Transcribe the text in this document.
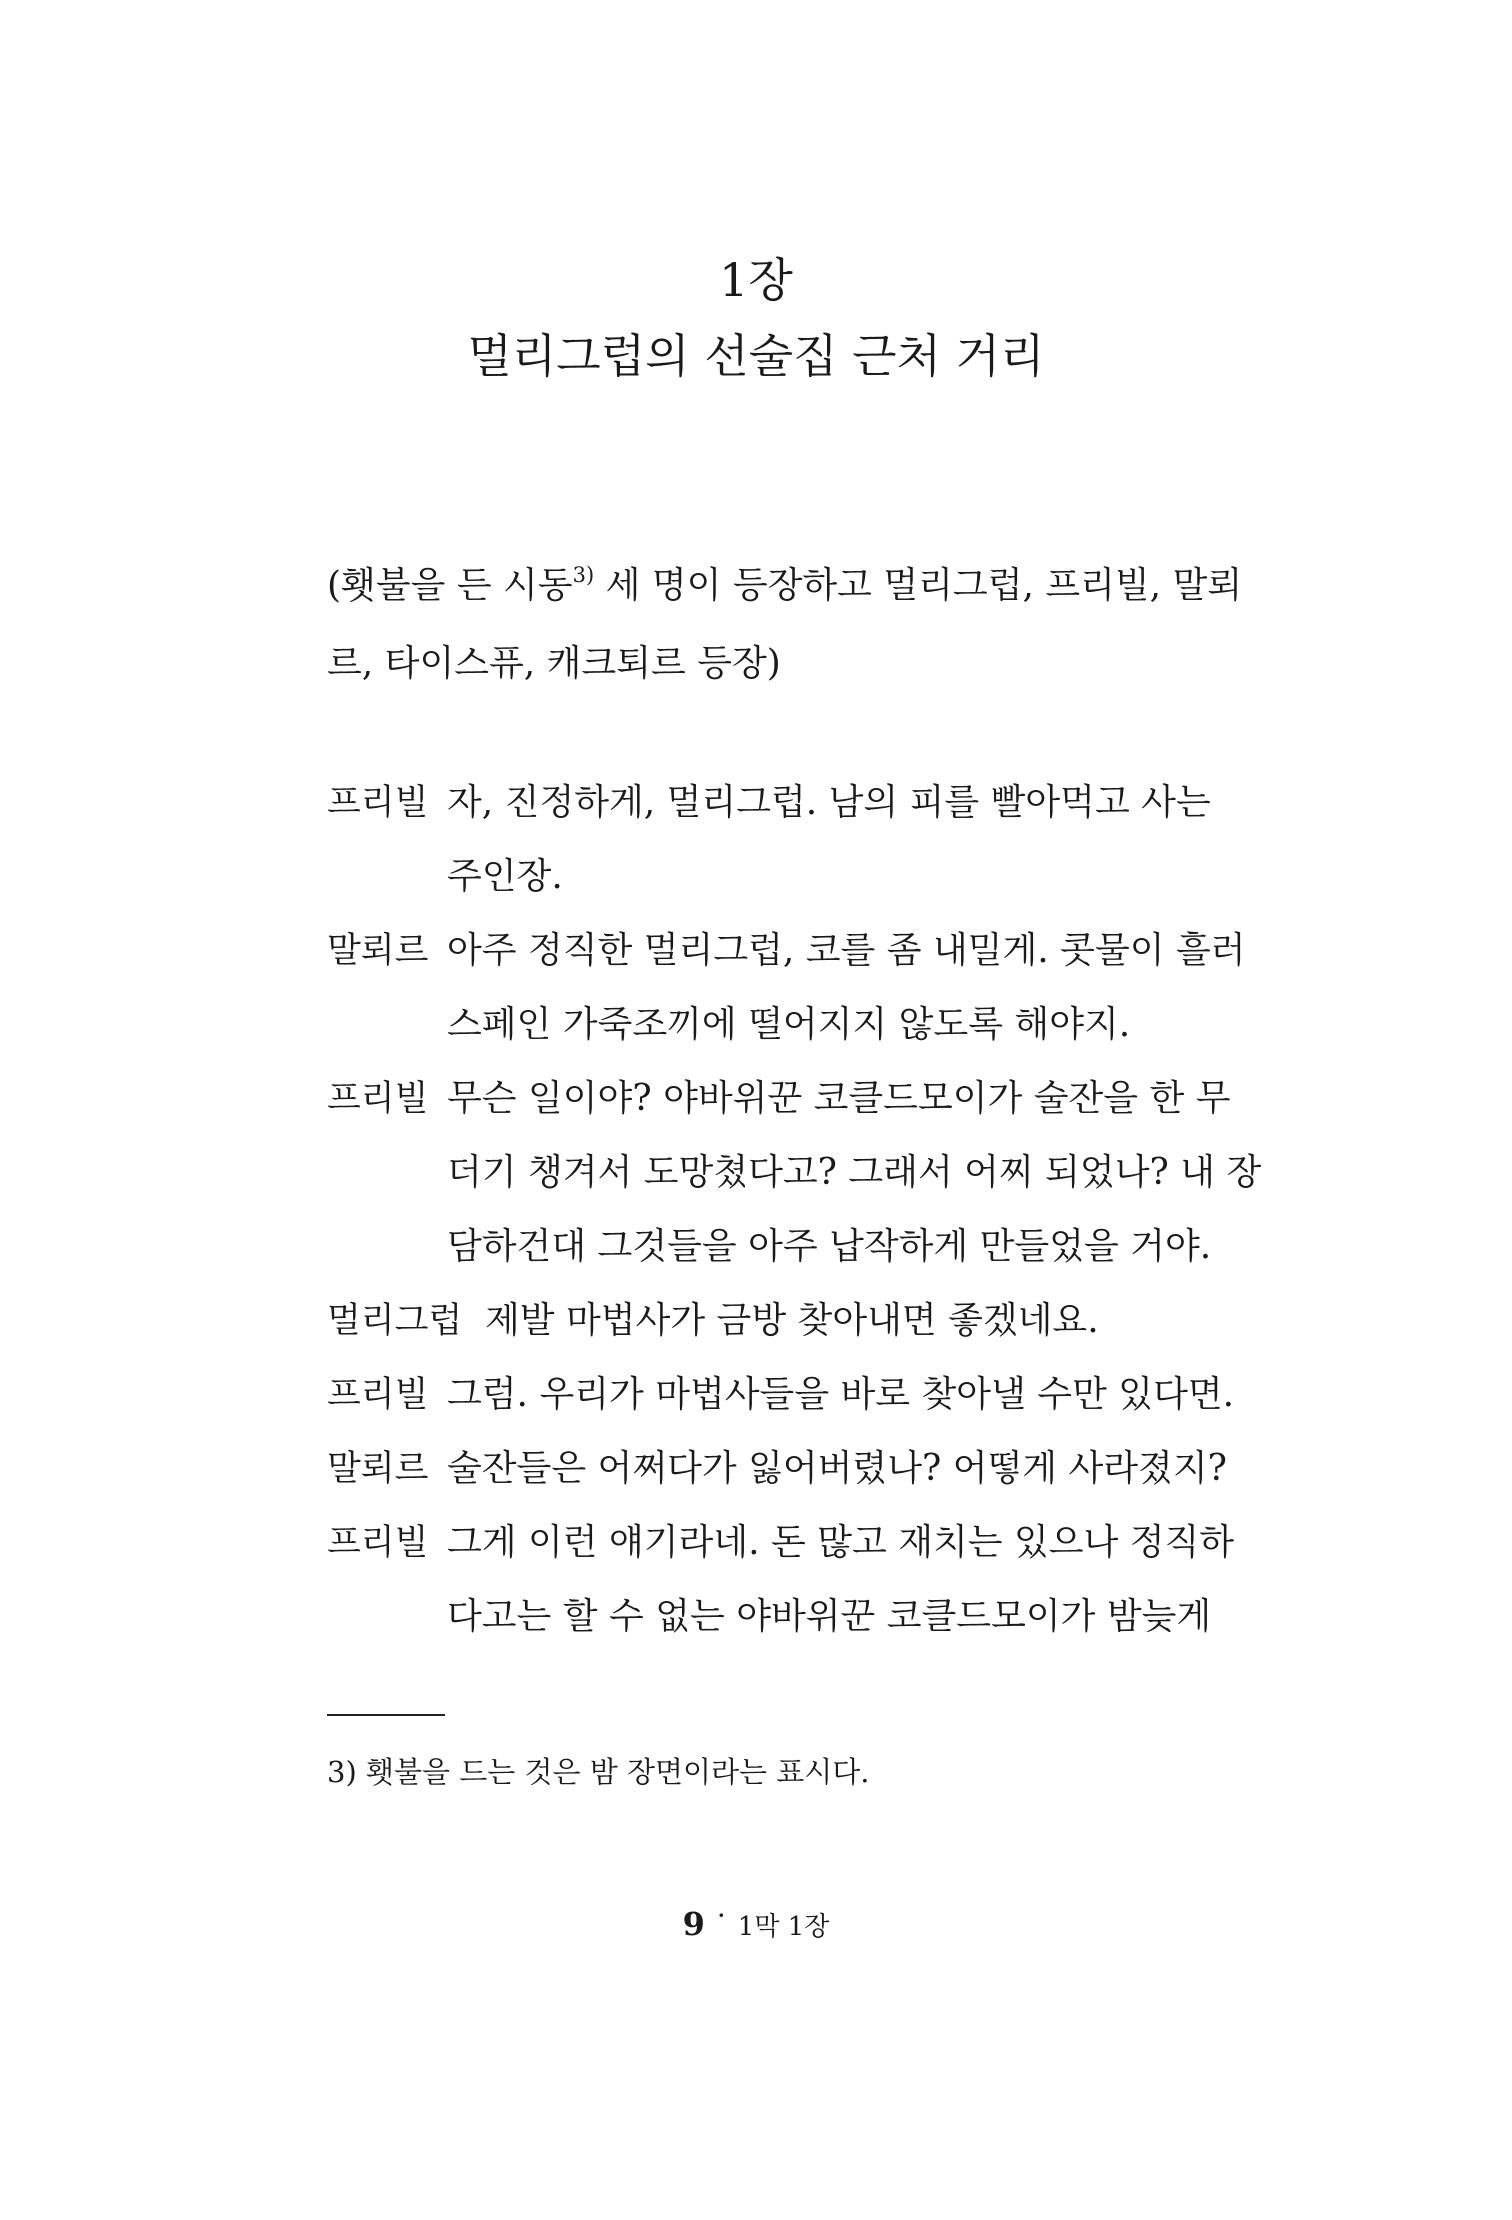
1장
멀리그럽의 선술집 근처 거리
(횃불을 든 시동$^{3)}$ 세 명이 등장하고 멀리그럽, 프리빌, 말뢰르, 타이스퓨, 캐크퇴르 등장)
프리빌 자, 진정하게, 멀리그럽. 남의 피를 빨아먹고 사는
주인장.
말뢰르 아주 정직한 멀리그럽, 코를 좀 내밀게. 콧물이 흘러
스페인 가죽조끼에 떨어지지 않도록 해야지.
프리빌 무슨 일이야? 야바위꾼 코클드모이가 술잔을 한 무
더기 챙겨서 도망쳤다고? 그래서 어찌 되었나? 내 장
담하건대 그것들을 아주 납작하게 만들었을 거야.
멀리그럽 제발 마법사가 금방 찾아내면 좋겠네요.
프리빌 그럼. 우리가 마법사들을 바로 찾아낼 수만 있다면.
말뢰르 술잔들은 어쩌다가 잃어버렸나? 어떻게 사라졌지?
프리빌 그게 이런 얘기라네. 돈 많고 재치는 있으나 정직하
다고는 할 수 없는 야바위꾼 코클드모이가 밤늦게
3) 횃불을 드는 것은 밤 장면이라는 표시다.
9 · 1막 1장
